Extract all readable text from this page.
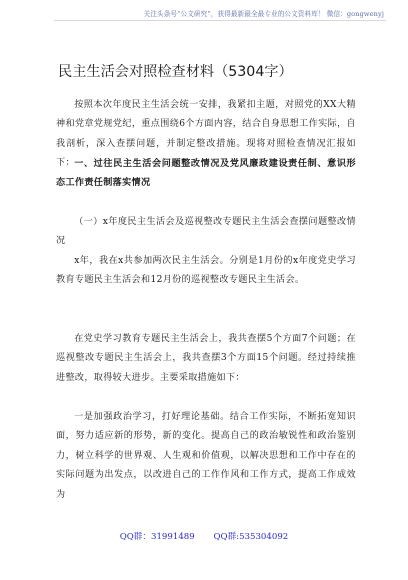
关注头条号“公文研究”，获得最新最全最专业的公文资料库！ 微信：gongwenyj
民主生活会对照检查材料（5304字）

按照本次年度民主生活会统一安排，我紧扣主题，对照党的XX大精神和党章党规党纪，重点围绕6个方面内容，结合自身思想工作实际，自我剖析，深入查摆问题，并制定整改措施。现将对照检查情况汇报如下： 一、过往民主生活会问题整改情况及党风廉政建设责任制、意识形态工作责任制落实情况

（一）x年度民主生活会及巡视整改专题民主生活会查摆问题整改情况

x年，我在x共参加两次民主生活会。分别是1月份的x年度党史学习教育专题民主生活会和12月份的巡视整改专题民主生活会。

在党史学习教育专题民主生活会上，我共查摆5个方面7个问题；在巡视整改专题民主生活会上，我共查摆3个方面15个问题。经过持续推进整改，取得较大进步。主要采取措施如下：

一是加强政治学习，打好理论基础。结合工作实际，不断拓宽知识面，努力适应新的形势，新的变化。提高自己的政治敏锐性和政治鉴别力，树立科学的世界观、人生观和价值观，以解决思想和工作中存在的实际问题为出发点，以改进自己的工作作风和工作方式，提高工作成效为

QQ群：31991489 QQ群:535304092
